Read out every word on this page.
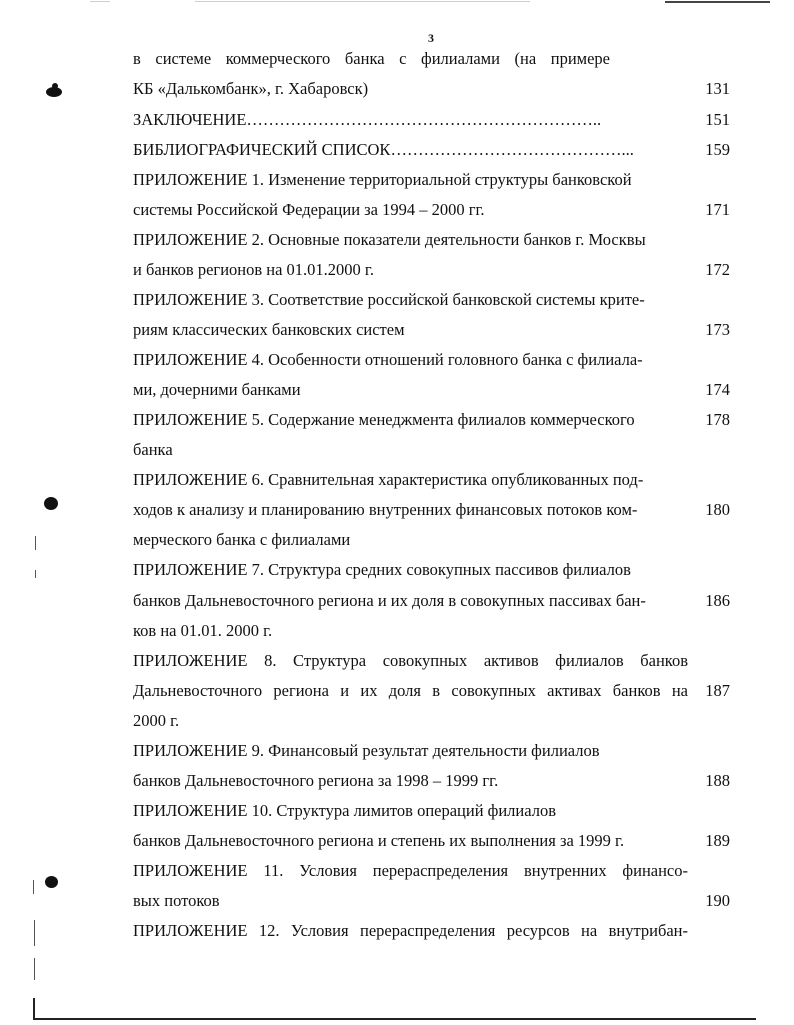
3
в системе коммерческого банка с филиалами (на примере
КБ «Далькомбанк», г. Хабаровск)	131
ЗАКЛЮЧЕНИЕ………………………………………………………..	151
БИБЛИОГРАФИЧЕСКИЙ СПИСОК……………………………………...	159
ПРИЛОЖЕНИЕ 1. Изменение территориальной структуры банковской
системы Российской Федерации за 1994 – 2000 гг.	171
ПРИЛОЖЕНИЕ 2. Основные показатели деятельности банков г. Москвы
и банков регионов на 01.01.2000 г.	172
ПРИЛОЖЕНИЕ 3. Соответствие российской банковской системы крите-
риям классических банковских систем	173
ПРИЛОЖЕНИЕ 4. Особенности отношений головного банка с филиала-
ми, дочерними банками	174
ПРИЛОЖЕНИЕ 5. Содержание менеджмента филиалов коммерческого	178
банка
ПРИЛОЖЕНИЕ 6. Сравнительная характеристика опубликованных под-
ходов к анализу и планированию внутренних финансовых потоков ком-	180
мерческого банка с филиалами
ПРИЛОЖЕНИЕ 7. Структура средних совокупных пассивов филиалов
банков Дальневосточного региона и их доля в совокупных пассивах бан-	186
ков на 01.01. 2000 г.
ПРИЛОЖЕНИЕ 8. Структура совокупных активов филиалов банков
Дальневосточного региона и их доля в совокупных активах банков на	187
2000 г.
ПРИЛОЖЕНИЕ 9. Финансовый результат деятельности филиалов
банков Дальневосточного региона за 1998 – 1999 гг.	188
ПРИЛОЖЕНИЕ 10. Структура лимитов операций филиалов
банков Дальневосточного региона и степень их выполнения за 1999 г.	189
ПРИЛОЖЕНИЕ 11. Условия перераспределения внутренних финансо-
вых потоков	190
ПРИЛОЖЕНИЕ 12. Условия перераспределения ресурсов на внутрибан-
